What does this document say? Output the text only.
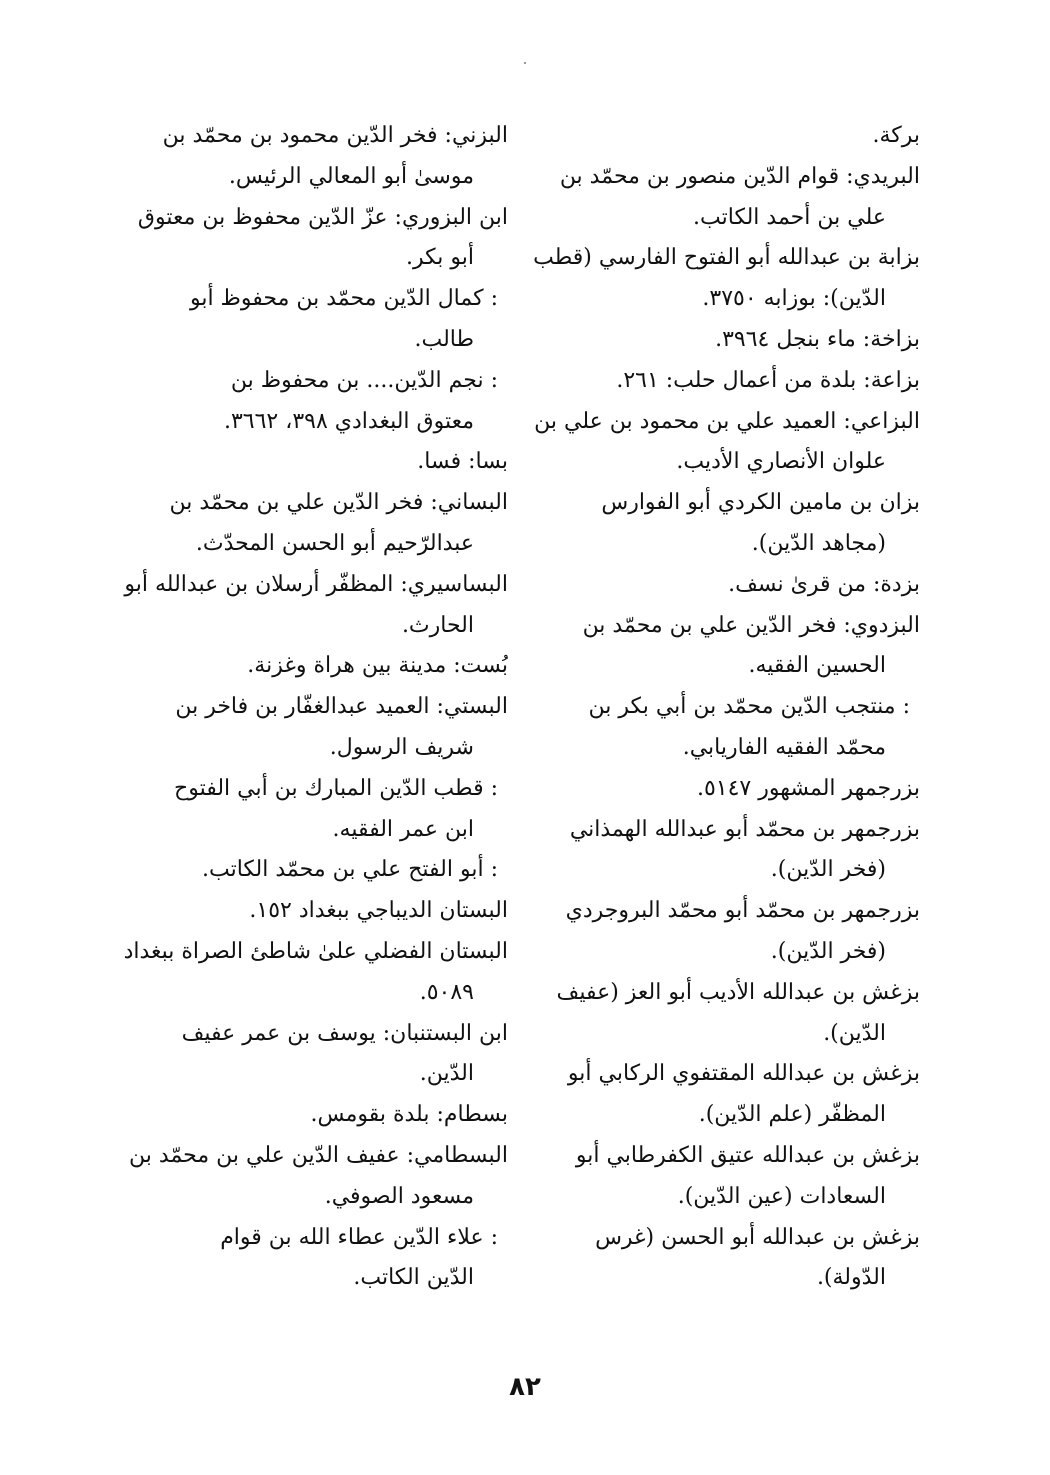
بركة.
البريدي: قوام الدّين منصور بن محمّد بن
علي بن أحمد الكاتب.
بزابة بن عبدالله أبو الفتوح الفارسي (قطب
الدّين): بوزابه ٣٧٥٠.
بزاخة: ماء بنجل ٣٩٦٤.
بزاعة: بلدة من أعمال حلب: ٢٦١.
البزاعي: العميد علي بن محمود بن علي بن
علوان الأنصاري الأديب.
بزان بن مامين الكردي أبو الفوارس
(مجاهد الدّين).
بزدة: من قرىٰ نسف.
البزدوي: فخر الدّين علي بن محمّد بن
الحسين الفقيه.
: منتجب الدّين محمّد بن أبي بكر بن
محمّد الفقيه الفاريابي.
بزرجمهر المشهور ٥١٤٧.
بزرجمهر بن محمّد أبو عبدالله الهمذاني
(فخر الدّين).
بزرجمهر بن محمّد أبو محمّد البروجردي
(فخر الدّين).
بزغش بن عبدالله الأديب أبو العز (عفيف
الدّين).
بزغش بن عبدالله المقتفوي الركابي أبو
المظفّر (علم الدّين).
بزغش بن عبدالله عتيق الكفرطابي أبو
السعادات (عين الدّين).
بزغش بن عبدالله أبو الحسن (غرس
الدّولة).
البزني: فخر الدّين محمود بن محمّد بن
موسىٰ أبو المعالي الرئيس.
ابن البزوري: عزّ الدّين محفوظ بن معتوق
أبو بكر.
: كمال الدّين محمّد بن محفوظ أبو
طالب.
: نجم الدّين.... بن محفوظ بن
معتوق البغدادي ٣٩٨، ٣٦٦٢.
بسا: فسا.
البساني: فخر الدّين علي بن محمّد بن
عبدالرّحيم أبو الحسن المحدّث.
البساسيري: المظفّر أرسلان بن عبدالله أبو
الحارث.
بُست: مدينة بين هراة وغزنة.
البستي: العميد عبدالغفّار بن فاخر بن
شريف الرسول.
: قطب الدّين المبارك بن أبي الفتوح
ابن عمر الفقيه.
: أبو الفتح علي بن محمّد الكاتب.
البستان الديباجي ببغداد ١٥٢.
البستان الفضلي علىٰ شاطئ الصراة ببغداد
٥٠٨٩.
ابن البستنبان: يوسف بن عمر عفيف
الدّين.
بسطام: بلدة بقومس.
البسطامي: عفيف الدّين علي بن محمّد بن
مسعود الصوفي.
: علاء الدّين عطاء الله بن قوام
الدّين الكاتب.
٨٢
